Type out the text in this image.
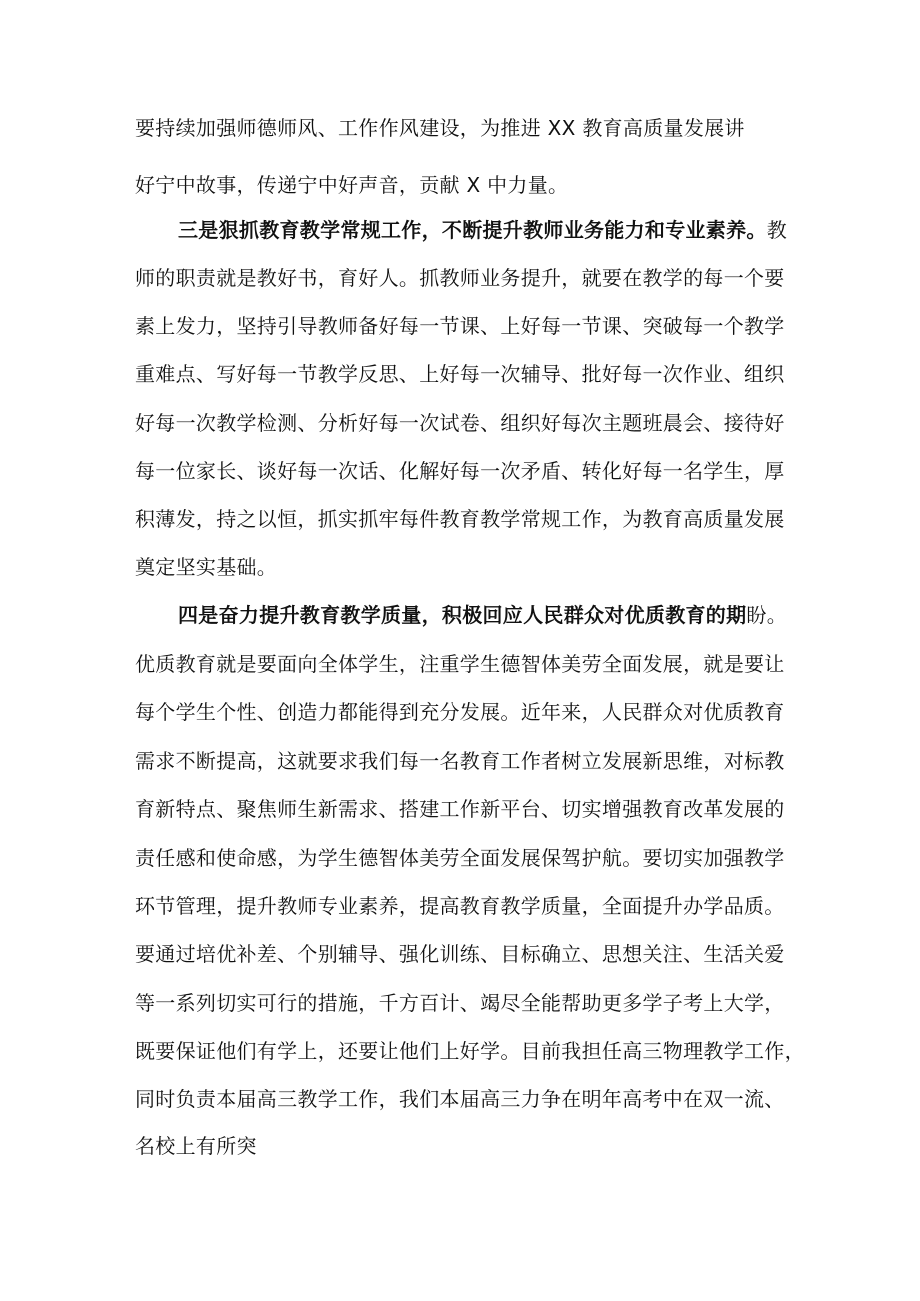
要持续加强师德师风、工作作风建设，为推进 XX 教育高质量发展讲
好宁中故事，传递宁中好声音，贡献 X 中力量。
三是狠抓教育教学常规工作，不断提升教师业务能力和专业素养。教
师的职责就是教好书，育好人。抓教师业务提升，就要在教学的每一个要
素上发力，坚持引导教师备好每一节课、上好每一节课、突破每一个教学
重难点、写好每一节教学反思、上好每一次辅导、批好每一次作业、组织
好每一次教学检测、分析好每一次试卷、组织好每次主题班晨会、接待好
每一位家长、谈好每一次话、化解好每一次矛盾、转化好每一名学生，厚
积薄发，持之以恒，抓实抓牢每件教育教学常规工作，为教育高质量发展
奠定坚实基础。
四是奋力提升教育教学质量，积极回应人民群众对优质教育的期盼。
优质教育就是要面向全体学生，注重学生德智体美劳全面发展，就是要让
每个学生个性、创造力都能得到充分发展。近年来，人民群众对优质教育
需求不断提高，这就要求我们每一名教育工作者树立发展新思维，对标教
育新特点、聚焦师生新需求、搭建工作新平台、切实增强教育改革发展的
责任感和使命感，为学生德智体美劳全面发展保驾护航。要切实加强教学
环节管理，提升教师专业素养，提高教育教学质量，全面提升办学品质。
要通过培优补差、个别辅导、强化训练、目标确立、思想关注、生活关爱
等一系列切实可行的措施，千方百计、竭尽全能帮助更多学子考上大学，
既要保证他们有学上，还要让他们上好学。目前我担任高三物理教学工作，
同时负责本届高三教学工作，我们本届高三力争在明年高考中在双一流、
名校上有所突
